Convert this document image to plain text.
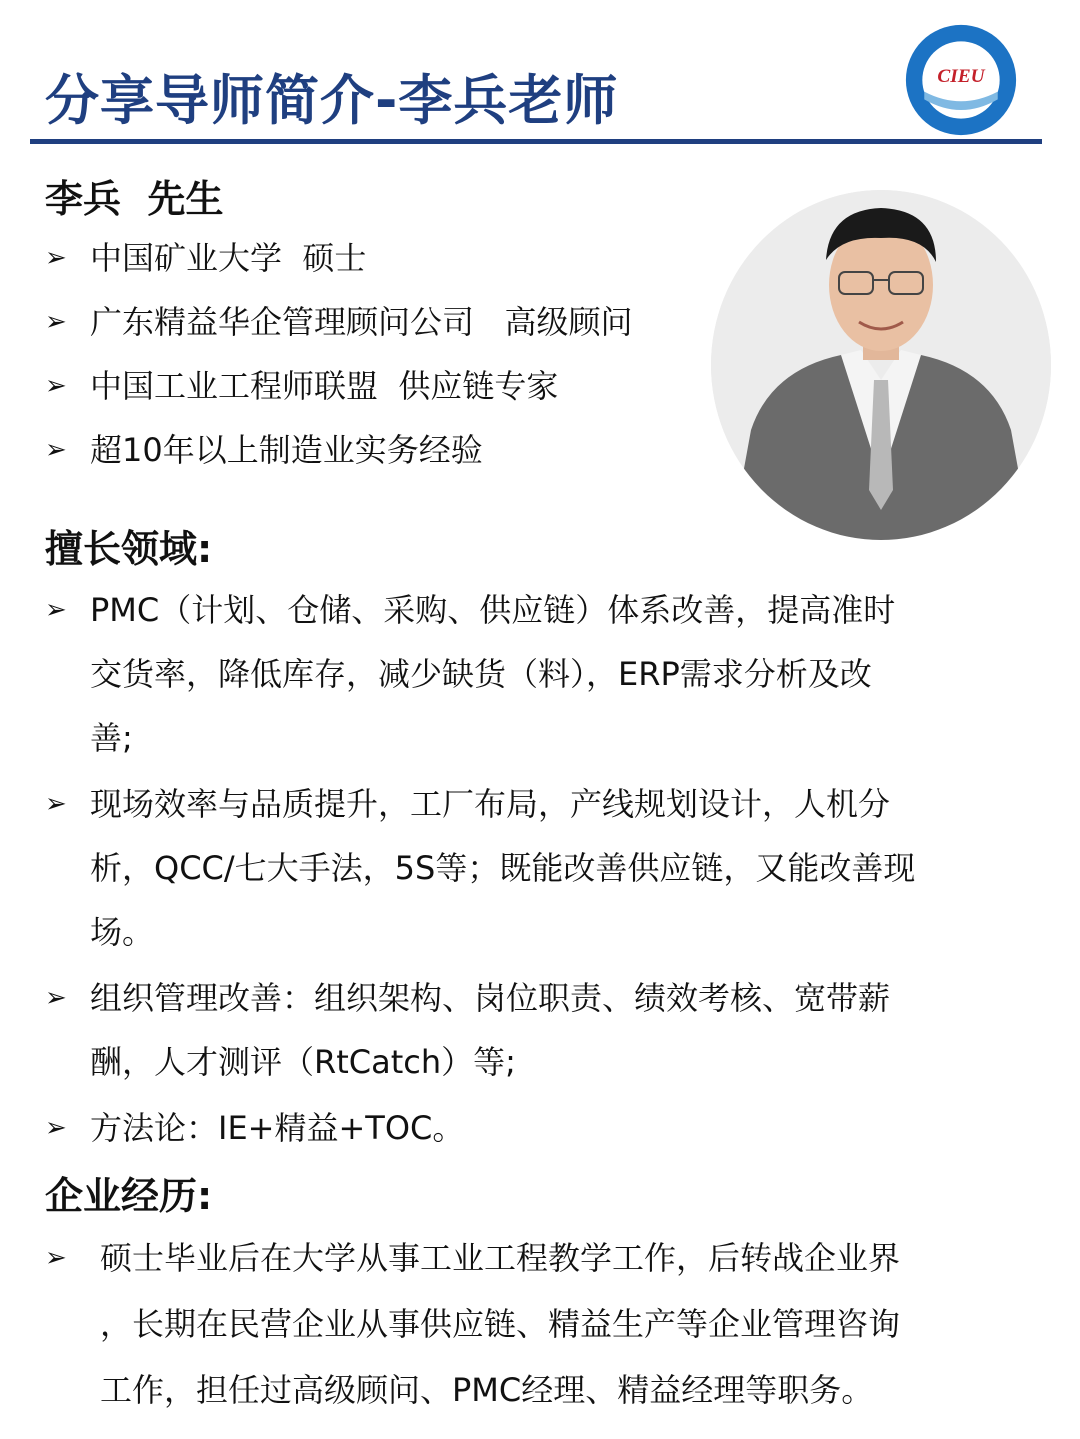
分享导师简介-李兵老师	CIEU
李兵  先生
➢ 中国矿业大学  硕士
➢ 广东精益华企管理顾问公司   高级顾问
➢ 中国工业工程师联盟  供应链专家
➢ 超10年以上制造业实务经验
擅长领域:
➢ PMC（计划、仓储、采购、供应链）体系改善，提高准时
交货率，降低库存，减少缺货（料），ERP需求分析及改
善;
➢ 现场效率与品质提升，工厂布局，产线规划设计，人机分
析，QCC/七大手法，5S等；既能改善供应链，又能改善现
场。
➢ 组织管理改善：组织架构、岗位职责、绩效考核、宽带薪
酬，人才测评（RtCatch）等;
➢ 方法论：IE+精益+TOC。
企业经历:
➢ 硕士毕业后在大学从事工业工程教学工作，后转战企业界
，长期在民营企业从事供应链、精益生产等企业管理咨询
工作，担任过高级顾问、PMC经理、精益经理等职务。
